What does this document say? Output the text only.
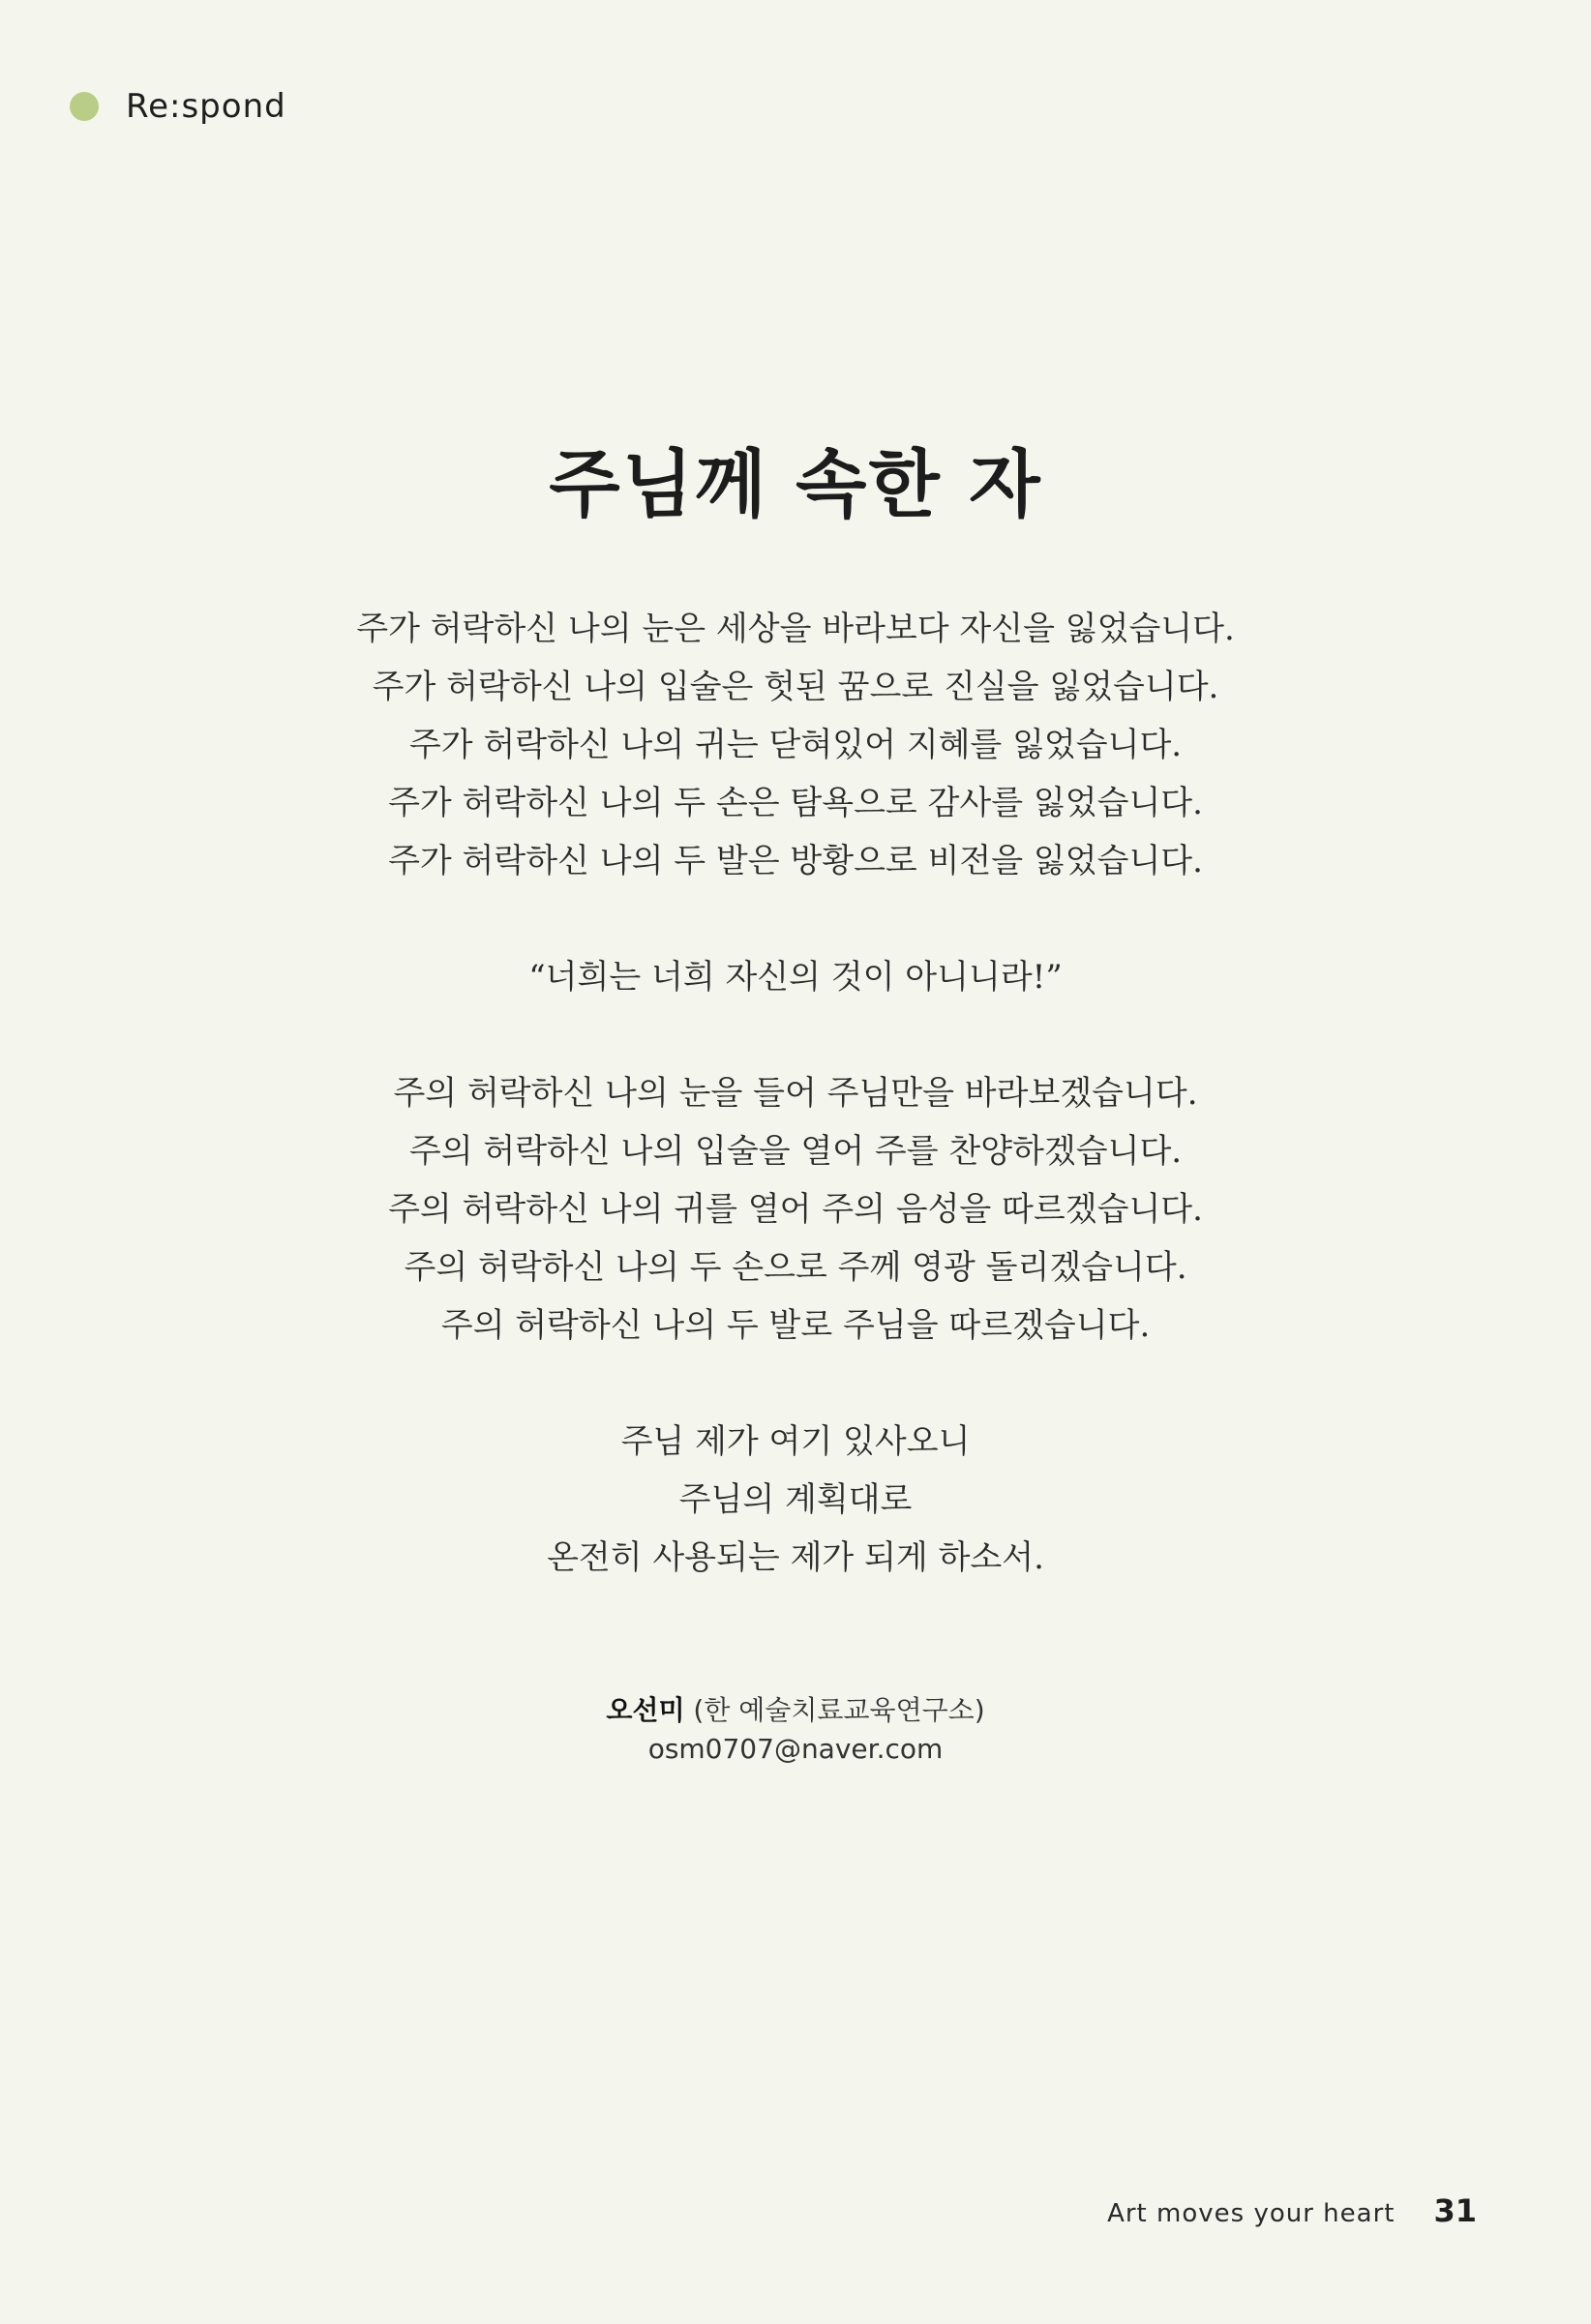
Re:spond
주님께 속한 자
주가 허락하신 나의 눈은 세상을 바라보다 자신을 잃었습니다.
주가 허락하신 나의 입술은 헛된 꿈으로 진실을 잃었습니다.
주가 허락하신 나의 귀는 닫혀있어 지혜를 잃었습니다.
주가 허락하신 나의 두 손은 탐욕으로 감사를 잃었습니다.
주가 허락하신 나의 두 발은 방황으로 비전을 잃었습니다.
“너희는 너희 자신의 것이 아니니라!”
주의 허락하신 나의 눈을 들어 주님만을 바라보겠습니다.
주의 허락하신 나의 입술을 열어 주를 찬양하겠습니다.
주의 허락하신 나의 귀를 열어 주의 음성을 따르겠습니다.
주의 허락하신 나의 두 손으로 주께 영광 돌리겠습니다.
주의 허락하신 나의 두 발로 주님을 따르겠습니다.
주님 제가 여기 있사오니
주님의 계획대로
온전히 사용되는 제가 되게 하소서.
오선미 (한 예술치료교육연구소)
osm0707@naver.com
Art moves your heart 31
